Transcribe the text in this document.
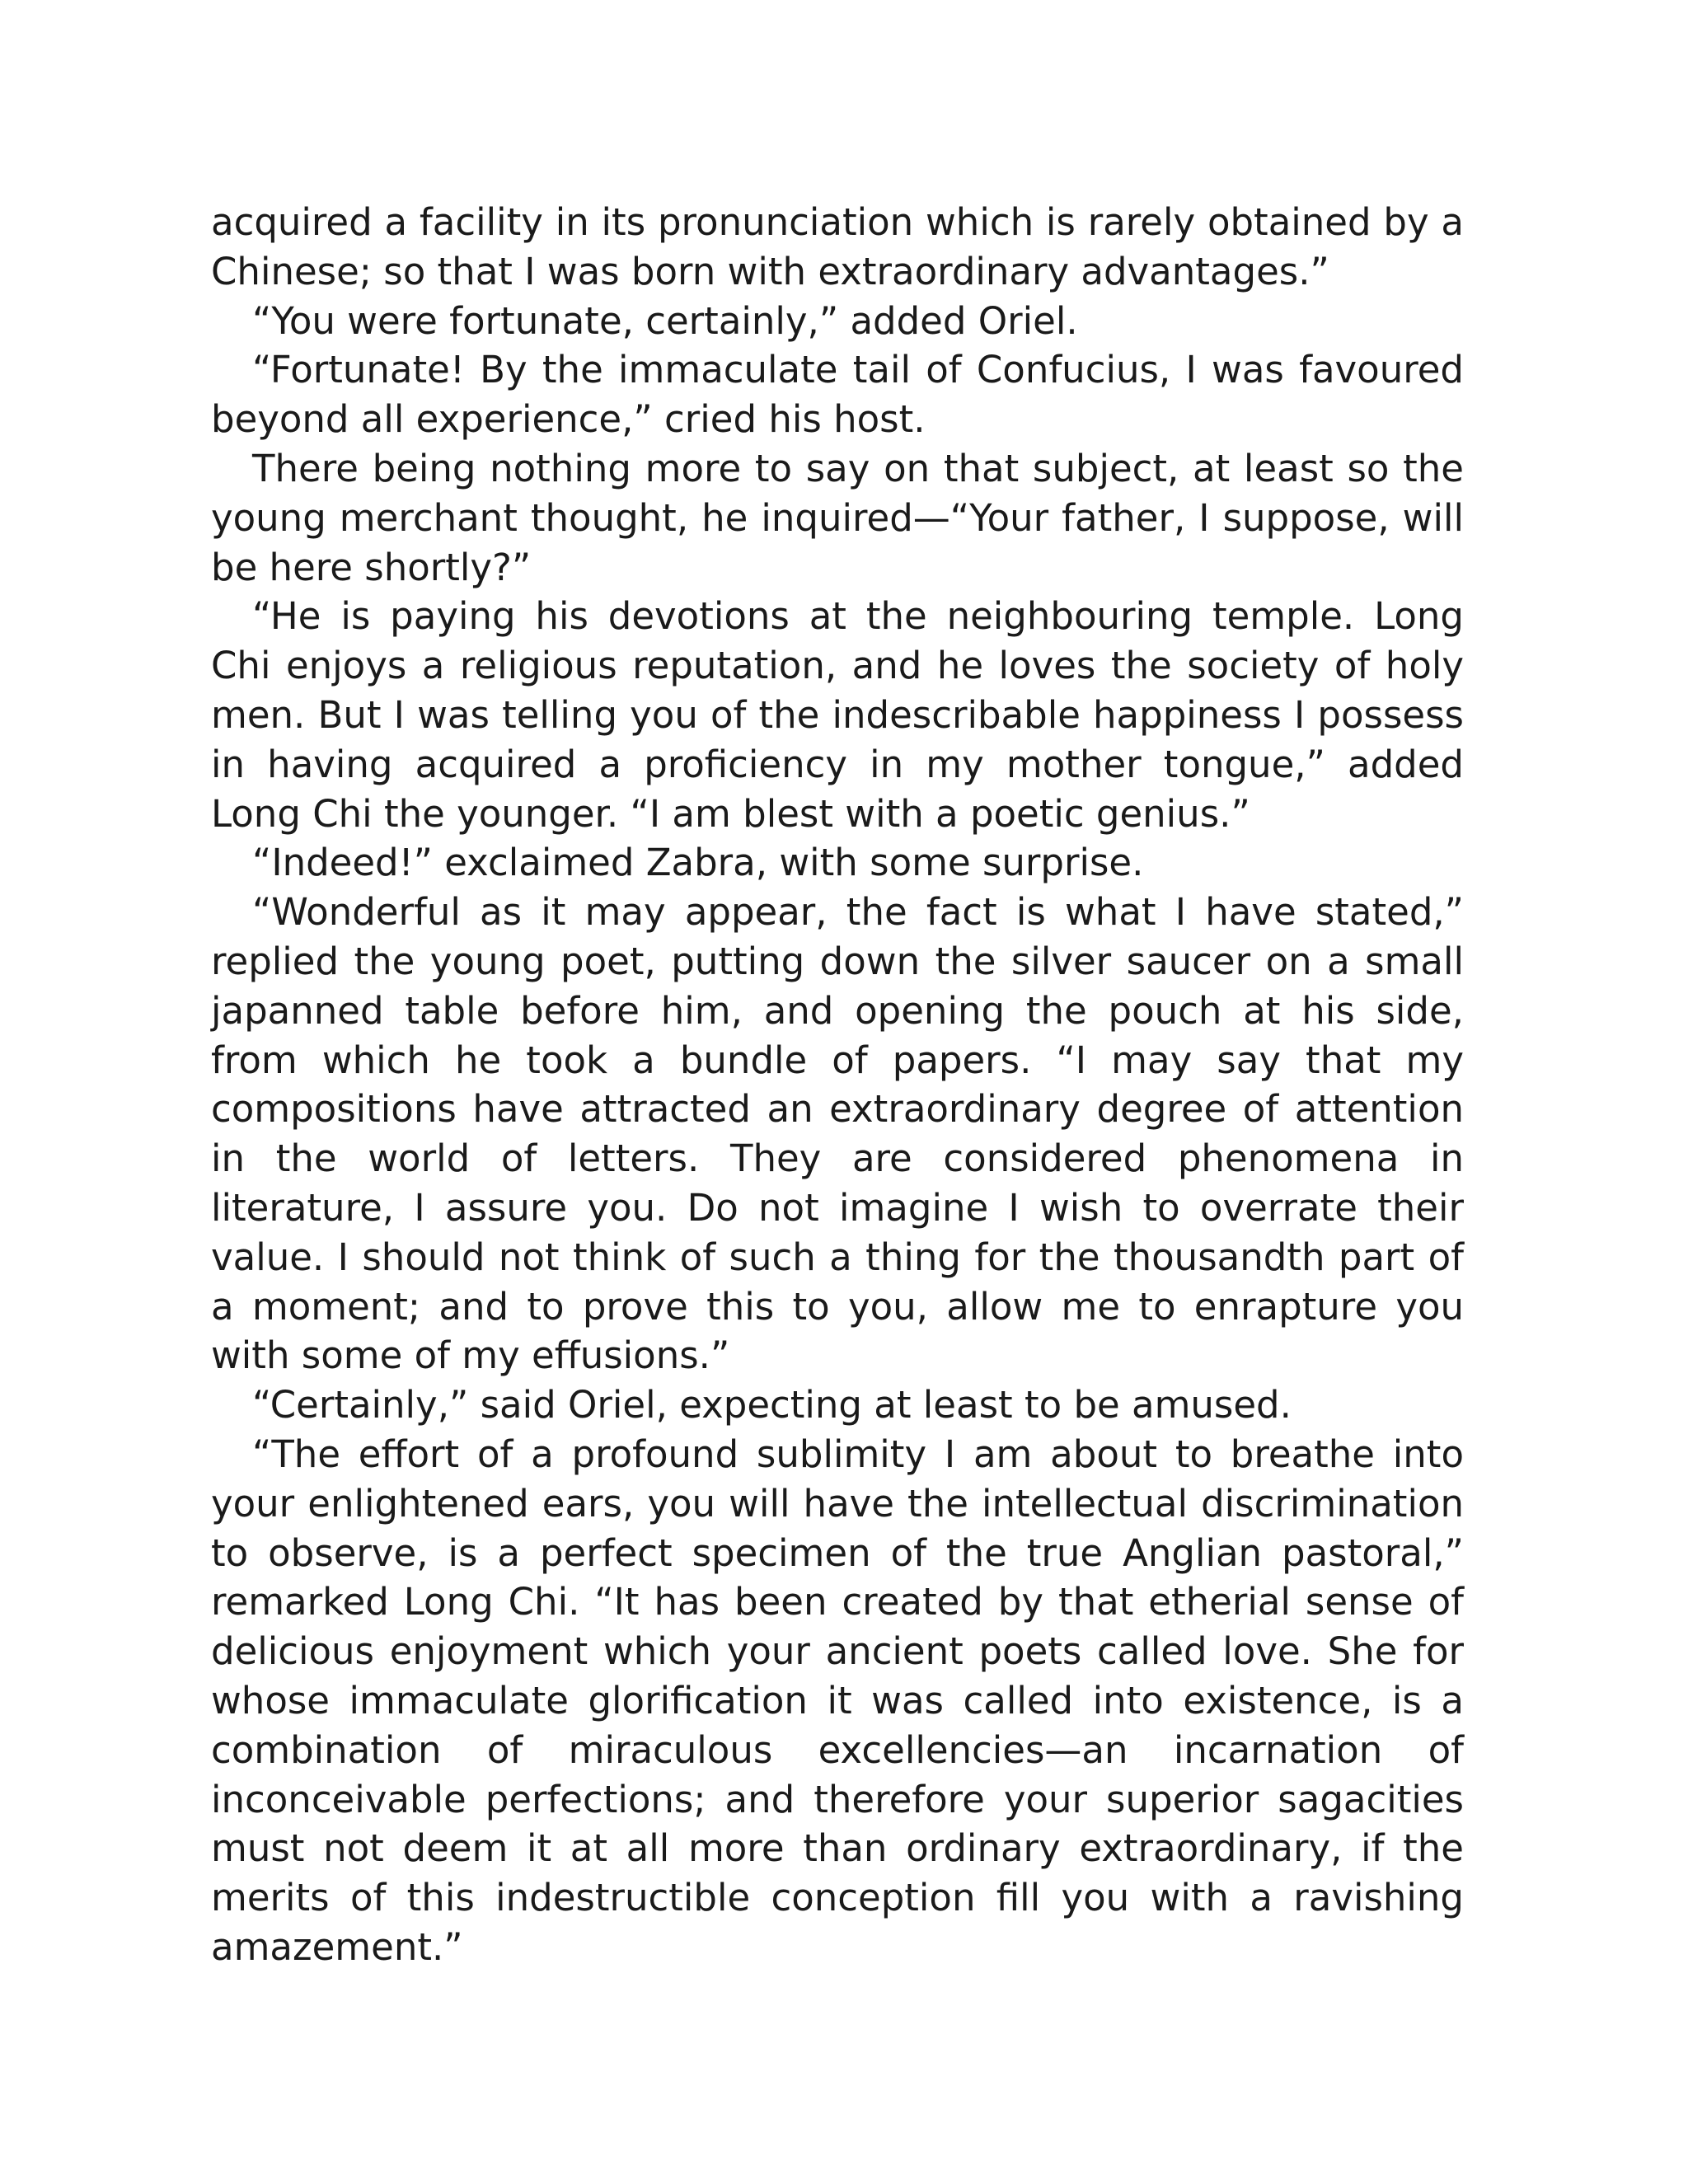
acquired a facility in its pronunciation which is rarely obtained by a Chinese; so that I was born with extraordinary advantages.”

“You were fortunate, certainly,” added Oriel.

“Fortunate! By the immaculate tail of Confucius, I was favoured beyond all experience,” cried his host.

There being nothing more to say on that subject, at least so the young merchant thought, he inquired—“Your father, I suppose, will be here shortly?”

“He is paying his devotions at the neighbouring temple. Long Chi enjoys a religious reputation, and he loves the society of holy men. But I was telling you of the indescribable happiness I possess in having acquired a proficiency in my mother tongue,” added Long Chi the younger. “I am blest with a poetic genius.”

“Indeed!” exclaimed Zabra, with some surprise.

“Wonderful as it may appear, the fact is what I have stated,” replied the young poet, putting down the silver saucer on a small japanned table before him, and opening the pouch at his side, from which he took a bundle of papers. “I may say that my compositions have attracted an extraordinary degree of attention in the world of letters. They are considered phenomena in literature, I assure you. Do not imagine I wish to overrate their value. I should not think of such a thing for the thousandth part of a moment; and to prove this to you, allow me to enrapture you with some of my effusions.”

“Certainly,” said Oriel, expecting at least to be amused.

“The effort of a profound sublimity I am about to breathe into your enlightened ears, you will have the intellectual discrimination to observe, is a perfect specimen of the true Anglian pastoral,” remarked Long Chi. “It has been created by that etherial sense of delicious enjoyment which your ancient poets called love. She for whose immaculate glorification it was called into existence, is a combination of miraculous excellencies—an incarnation of inconceivable perfections; and therefore your superior sagacities must not deem it at all more than ordinary extraordinary, if the merits of this indestructible conception fill you with a ravishing amazement.”
